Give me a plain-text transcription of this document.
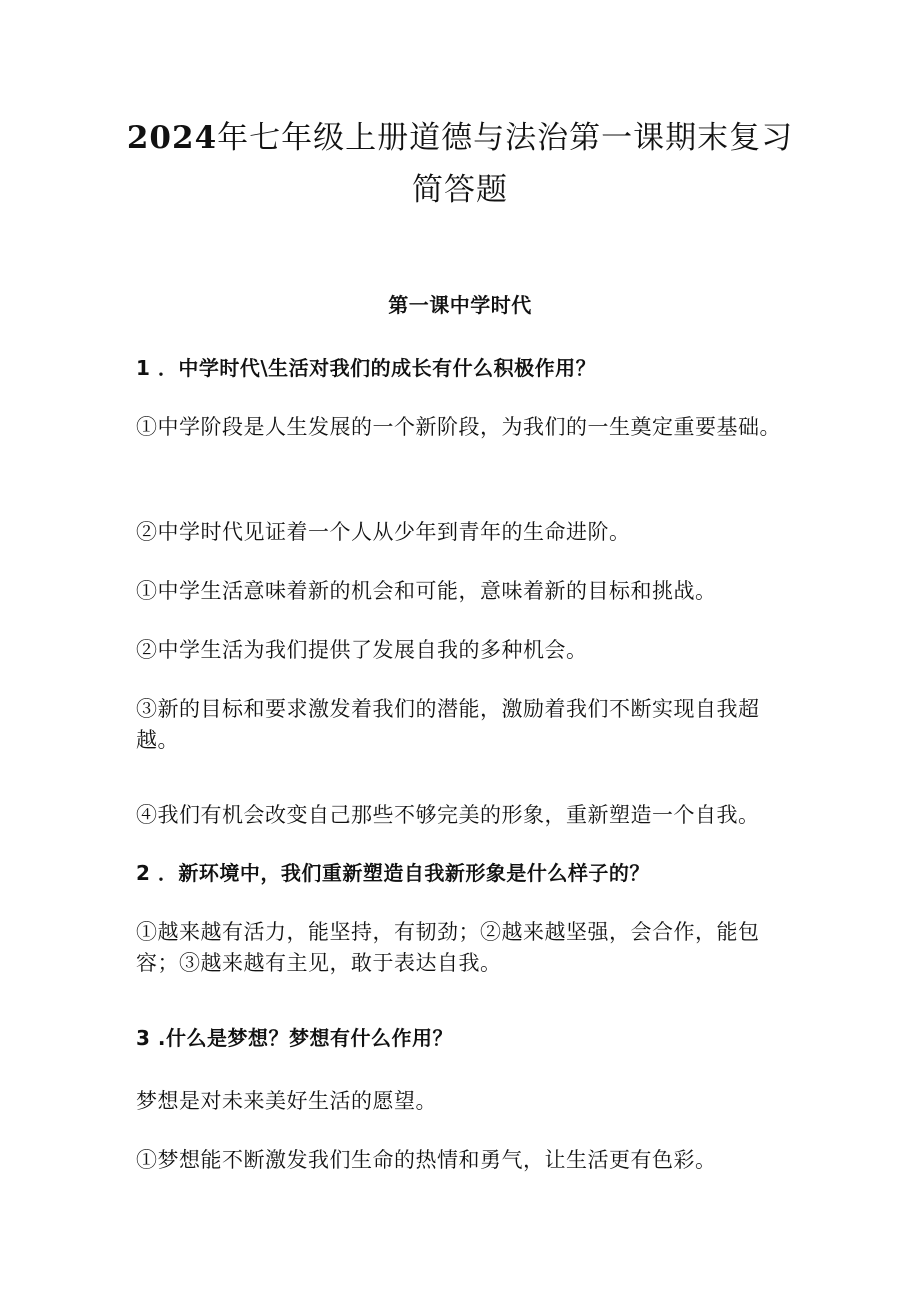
2024年七年级上册道德与法治第一课期末复习简答题
第一课中学时代
1 ．中学时代\生活对我们的成长有什么积极作用？
①中学阶段是人生发展的一个新阶段，为我们的一生奠定重要基础。
②中学时代见证着一个人从少年到青年的生命进阶。
①中学生活意味着新的机会和可能，意味着新的目标和挑战。
②中学生活为我们提供了发展自我的多种机会。
③新的目标和要求激发着我们的潜能，激励着我们不断实现自我超越。
④我们有机会改变自己那些不够完美的形象，重新塑造一个自我。
2 ．新环境中，我们重新塑造自我新形象是什么样子的？
①越来越有活力，能坚持，有韧劲；②越来越坚强，会合作，能包容；③越来越有主见，敢于表达自我。
3 .什么是梦想？梦想有什么作用？
梦想是对未来美好生活的愿望。
①梦想能不断激发我们生命的热情和勇气，让生活更有色彩。
